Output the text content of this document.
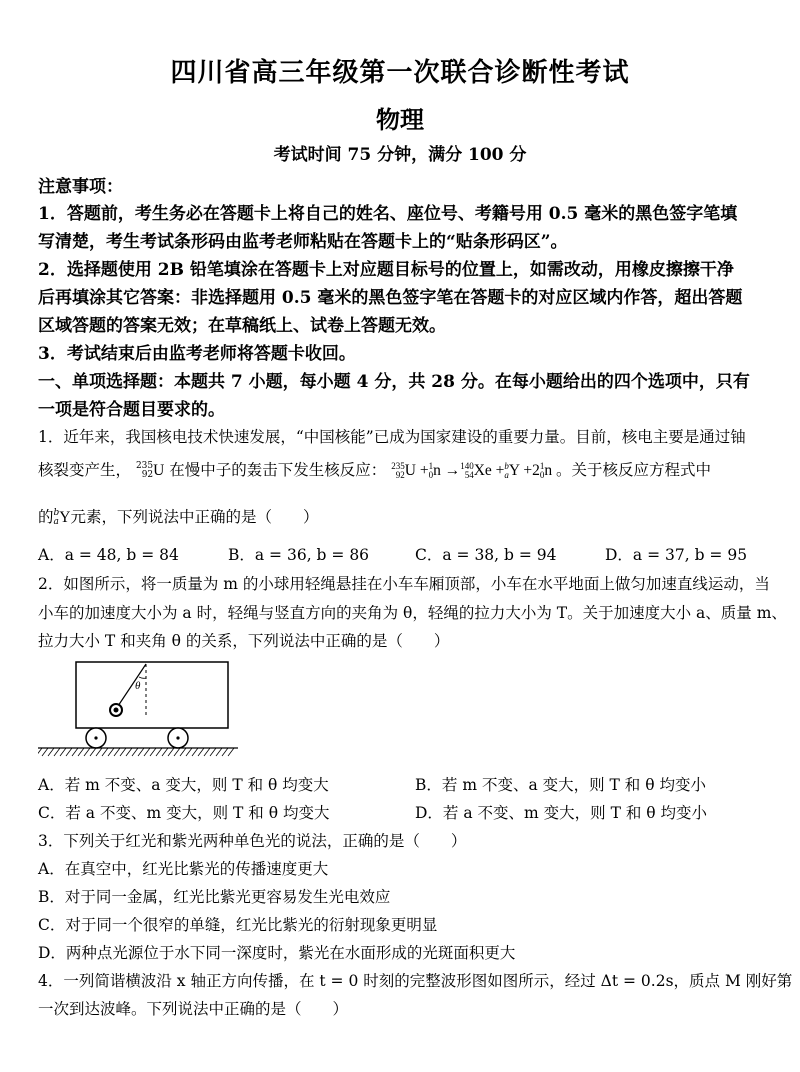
四川省高三年级第一次联合诊断性考试
物理
考试时间 75 分钟，满分 100 分
注意事项：
1．答题前，考生务必在答题卡上将自己的姓名、座位号、考籍号用 0.5 毫米的黑色签字笔填
写清楚，考生考试条形码由监考老师粘贴在答题卡上的“贴条形码区”。
2．选择题使用 2B 铅笔填涂在答题卡上对应题目标号的位置上，如需改动，用橡皮擦擦干净
后再填涂其它答案：非选择题用 0.5 毫米的黑色签字笔在答题卡的对应区域内作答，超出答题
区域答题的答案无效；在草稿纸上、试卷上答题无效。
3．考试结束后由监考老师将答题卡收回。
一、单项选择题：本题共 7 小题，每小题 4 分，共 28 分。在每小题给出的四个选项中，只有
一项是符合题目要求的。
1．近年来，我国核电技术快速发展，“中国核能”已成为国家建设的重要力量。目前，核电主要是通过铀
核裂变产生， 235
92U 在慢中子的轰击下发生核反应： 235
92U +1
0n →140
54Xe +b
aY +21
0n 。关于核反应方程式中
的b
aY元素，下列说法中正确的是（　　）
A．a = 48, b = 84	B．a = 36, b = 86	C．a = 38, b = 94	D．a = 37, b = 95
2．如图所示，将一质量为 m 的小球用轻绳悬挂在小车车厢顶部，小车在水平地面上做匀加速直线运动，当
小车的加速度大小为 a 时，轻绳与竖直方向的夹角为 θ，轻绳的拉力大小为 T。关于加速度大小 a、质量 m、
拉力大小 T 和夹角 θ 的关系，下列说法中正确的是（　　）
θ
A．若 m 不变、a 变大，则 T 和 θ 均变大	B．若 m 不变、a 变大，则 T 和 θ 均变小
C．若 a 不变、m 变大，则 T 和 θ 均变大	D．若 a 不变、m 变大，则 T 和 θ 均变小
3．下列关于红光和紫光两种单色光的说法，正确的是（　　）
A．在真空中，红光比紫光的传播速度更大
B．对于同一金属，红光比紫光更容易发生光电效应
C．对于同一个很窄的单缝，红光比紫光的衍射现象更明显
D．两种点光源位于水下同一深度时，紫光在水面形成的光斑面积更大
4．一列简谐横波沿 x 轴正方向传播，在 t = 0 时刻的完整波形图如图所示，经过 Δt = 0.2s，质点 M 刚好第
一次到达波峰。下列说法中正确的是（　　）
